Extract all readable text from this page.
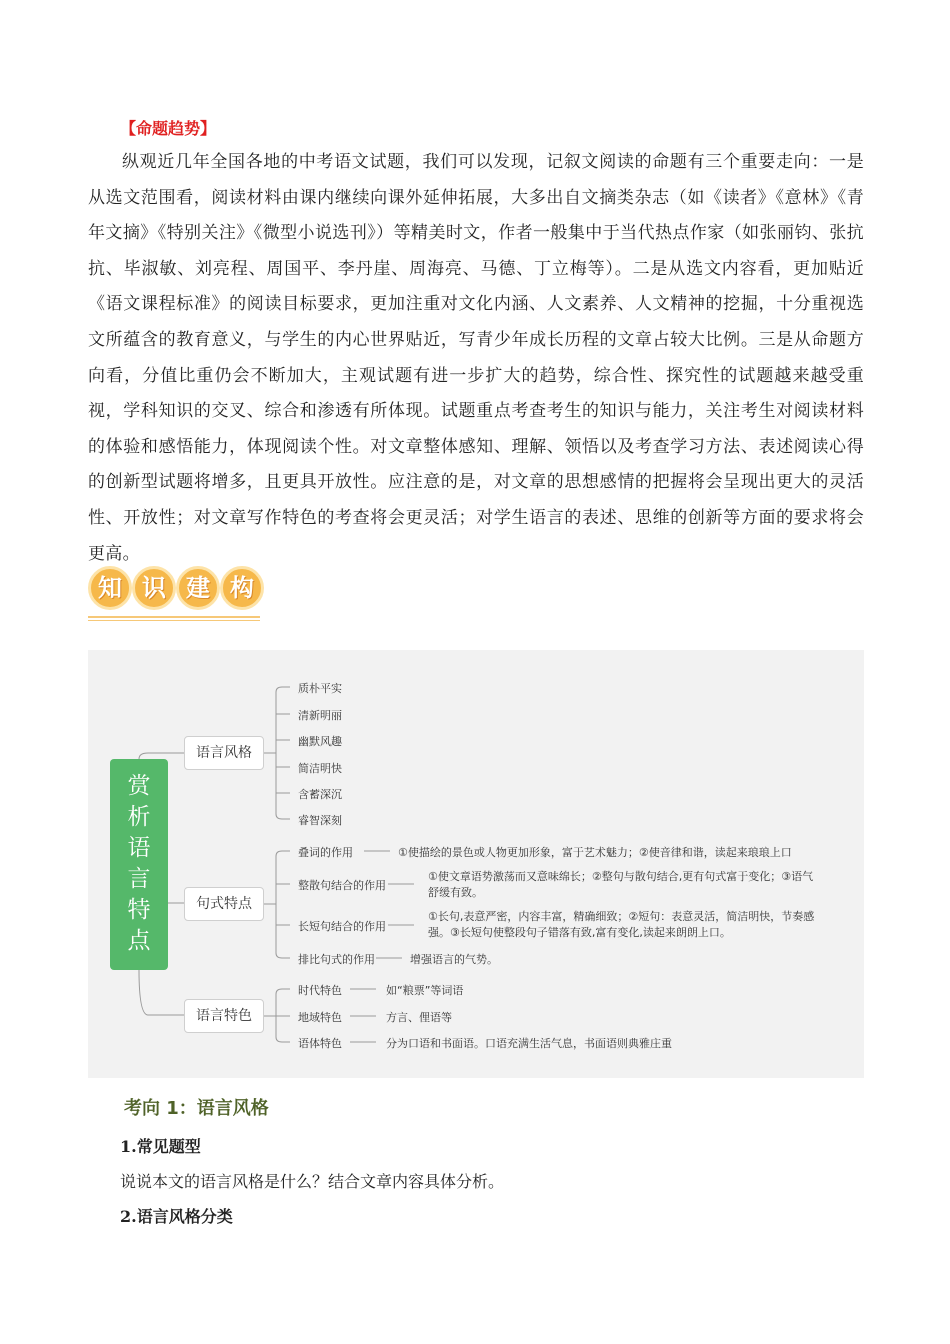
【命题趋势】
纵观近几年全国各地的中考语文试题，我们可以发现，记叙文阅读的命题有三个重要走向：一是从选文范围看，阅读材料由课内继续向课外延伸拓展，大多出自文摘类杂志（如《读者》《意林》《青年文摘》《特别关注》《微型小说选刊》）等精美时文，作者一般集中于当代热点作家（如张丽钧、张抗抗、毕淑敏、刘亮程、周国平、李丹崖、周海亮、马德、丁立梅等）。二是从选文内容看，更加贴近《语文课程标准》的阅读目标要求，更加注重对文化内涵、人文素养、人文精神的挖掘，十分重视选文所蕴含的教育意义，与学生的内心世界贴近，写青少年成长历程的文章占较大比例。三是从命题方向看，分值比重仍会不断加大，主观试题有进一步扩大的趋势，综合性、探究性的试题越来越受重视，学科知识的交叉、综合和渗透有所体现。试题重点考查考生的知识与能力，关注考生对阅读材料的体验和感悟能力，体现阅读个性。对文章整体感知、理解、领悟以及考查学习方法、表述阅读心得的创新型试题将增多，且更具开放性。应注意的是，对文章的思想感情的把握将会呈现出更大的灵活性、开放性；对文章写作特色的考查将会更灵活；对学生语言的表述、思维的创新等方面的要求将会更高。
知 识 建 构
赏
析
语
言
特
点
语言风格
句式特点
语言特色
质朴平实
清新明丽
幽默风趣
简洁明快
含蓄深沉
睿智深刻
叠词的作用	①使描绘的景色或人物更加形象，富于艺术魅力；②使音律和谐，读起来琅琅上口
整散句结合的作用
①使文章语势激荡而又意味绵长；②整句与散句结合,更有句式富于变化；③语气舒缓有致。
长短句结合的作用
①长句,表意严密，内容丰富，精确细致；②短句：表意灵活，简洁明快，节奏感强。③长短句使整段句子错落有致,富有变化,读起来朗朗上口。
排比句式的作用	增强语言的气势。
时代特色	如“粮票”等词语
地域特色	方言、俚语等
语体特色	分为口语和书面语。口语充满生活气息，书面语则典雅庄重
考向 1：语言风格
1.常见题型
说说本文的语言风格是什么？结合文章内容具体分析。
2.语言风格分类
